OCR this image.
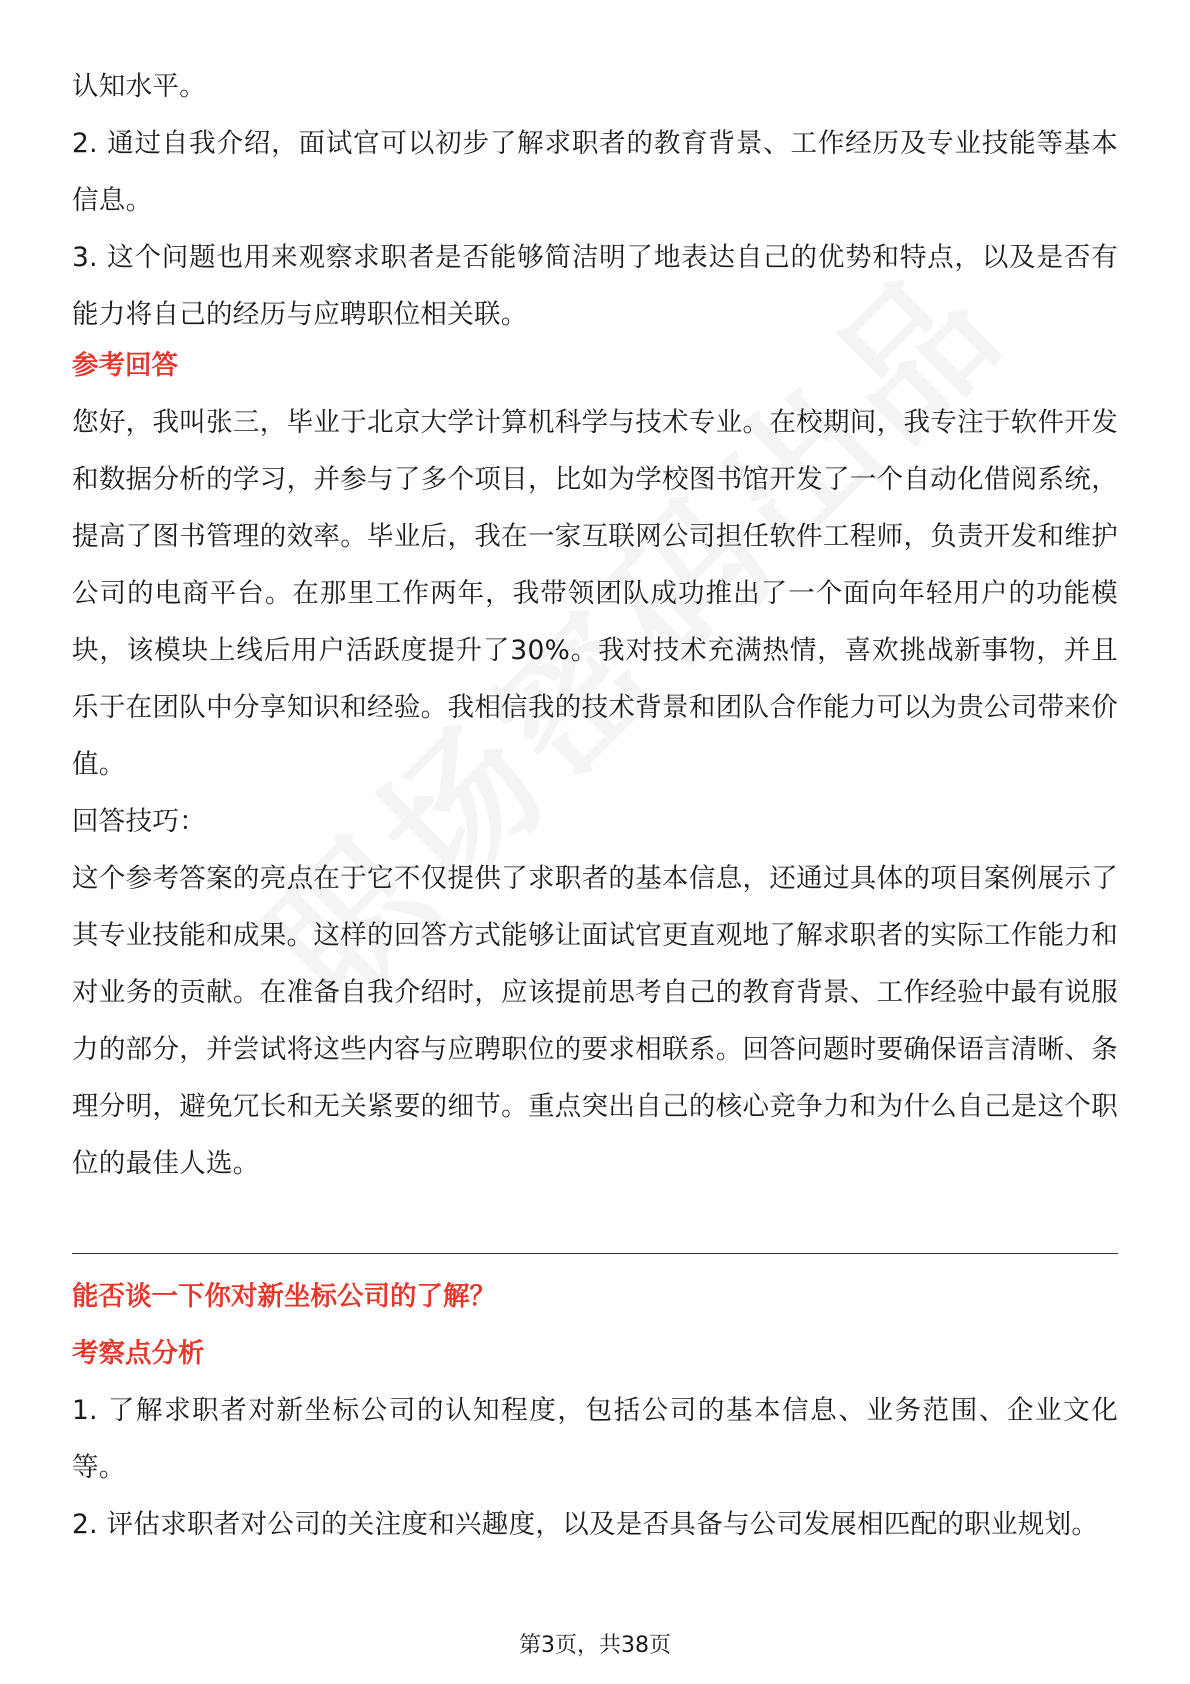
认知水平。

2. 通过自我介绍，面试官可以初步了解求职者的教育背景、工作经历及专业技能等基本信息。

3. 这个问题也用来观察求职者是否能够简洁明了地表达自己的优势和特点，以及是否有能力将自己的经历与应聘职位相关联。

参考回答

您好，我叫张三，毕业于北京大学计算机科学与技术专业。在校期间，我专注于软件开发和数据分析的学习，并参与了多个项目，比如为学校图书馆开发了一个自动化借阅系统，提高了图书管理的效率。毕业后，我在一家互联网公司担任软件工程师，负责开发和维护公司的电商平台。在那里工作两年，我带领团队成功推出了一个面向年轻用户的功能模块，该模块上线后用户活跃度提升了30%。我对技术充满热情，喜欢挑战新事物，并且乐于在团队中分享知识和经验。我相信我的技术背景和团队合作能力可以为贵公司带来价值。

回答技巧：

这个参考答案的亮点在于它不仅提供了求职者的基本信息，还通过具体的项目案例展示了其专业技能和成果。这样的回答方式能够让面试官更直观地了解求职者的实际工作能力和对业务的贡献。在准备自我介绍时，应该提前思考自己的教育背景、工作经验中最有说服力的部分，并尝试将这些内容与应聘职位的要求相联系。回答问题时要确保语言清晰、条理分明，避免冗长和无关紧要的细节。重点突出自己的核心竞争力和为什么自己是这个职位的最佳人选。

能否谈一下你对新坐标公司的了解？

考察点分析

1. 了解求职者对新坐标公司的认知程度，包括公司的基本信息、业务范围、企业文化等。

2. 评估求职者对公司的关注度和兴趣度，以及是否具备与公司发展相匹配的职业规划。

第3页，共38页
